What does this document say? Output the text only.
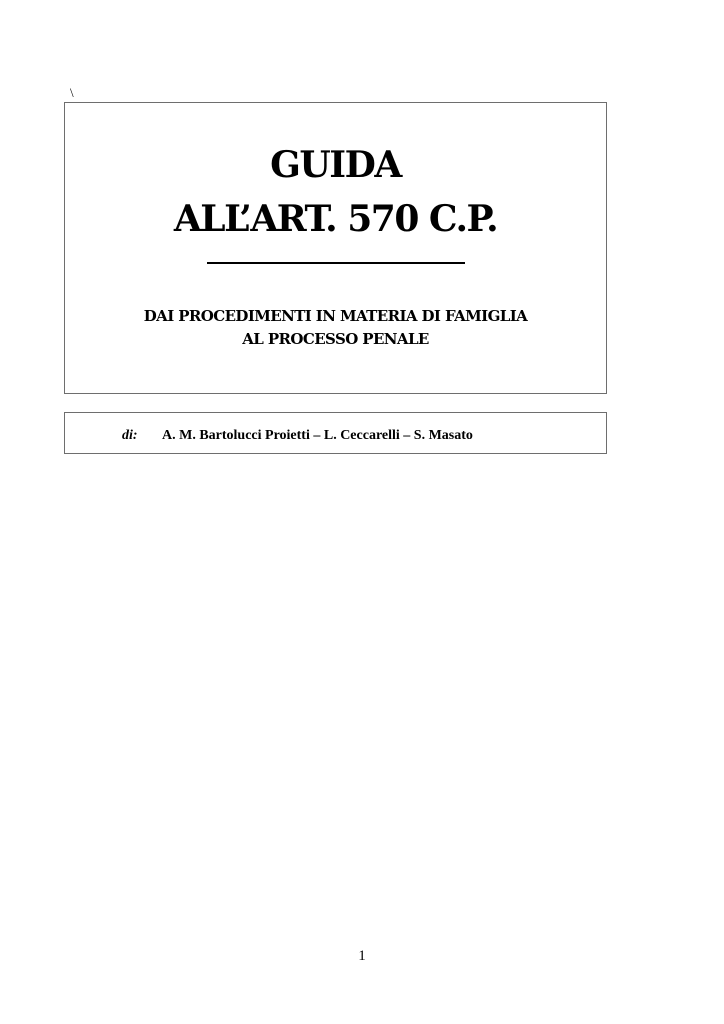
\
GUIDA
ALL’ART. 570 C.P.
DAI PROCEDIMENTI IN MATERIA DI FAMIGLIA
AL PROCESSO PENALE
di: A. M. Bartolucci Proietti – L. Ceccarelli – S. Masato
1
